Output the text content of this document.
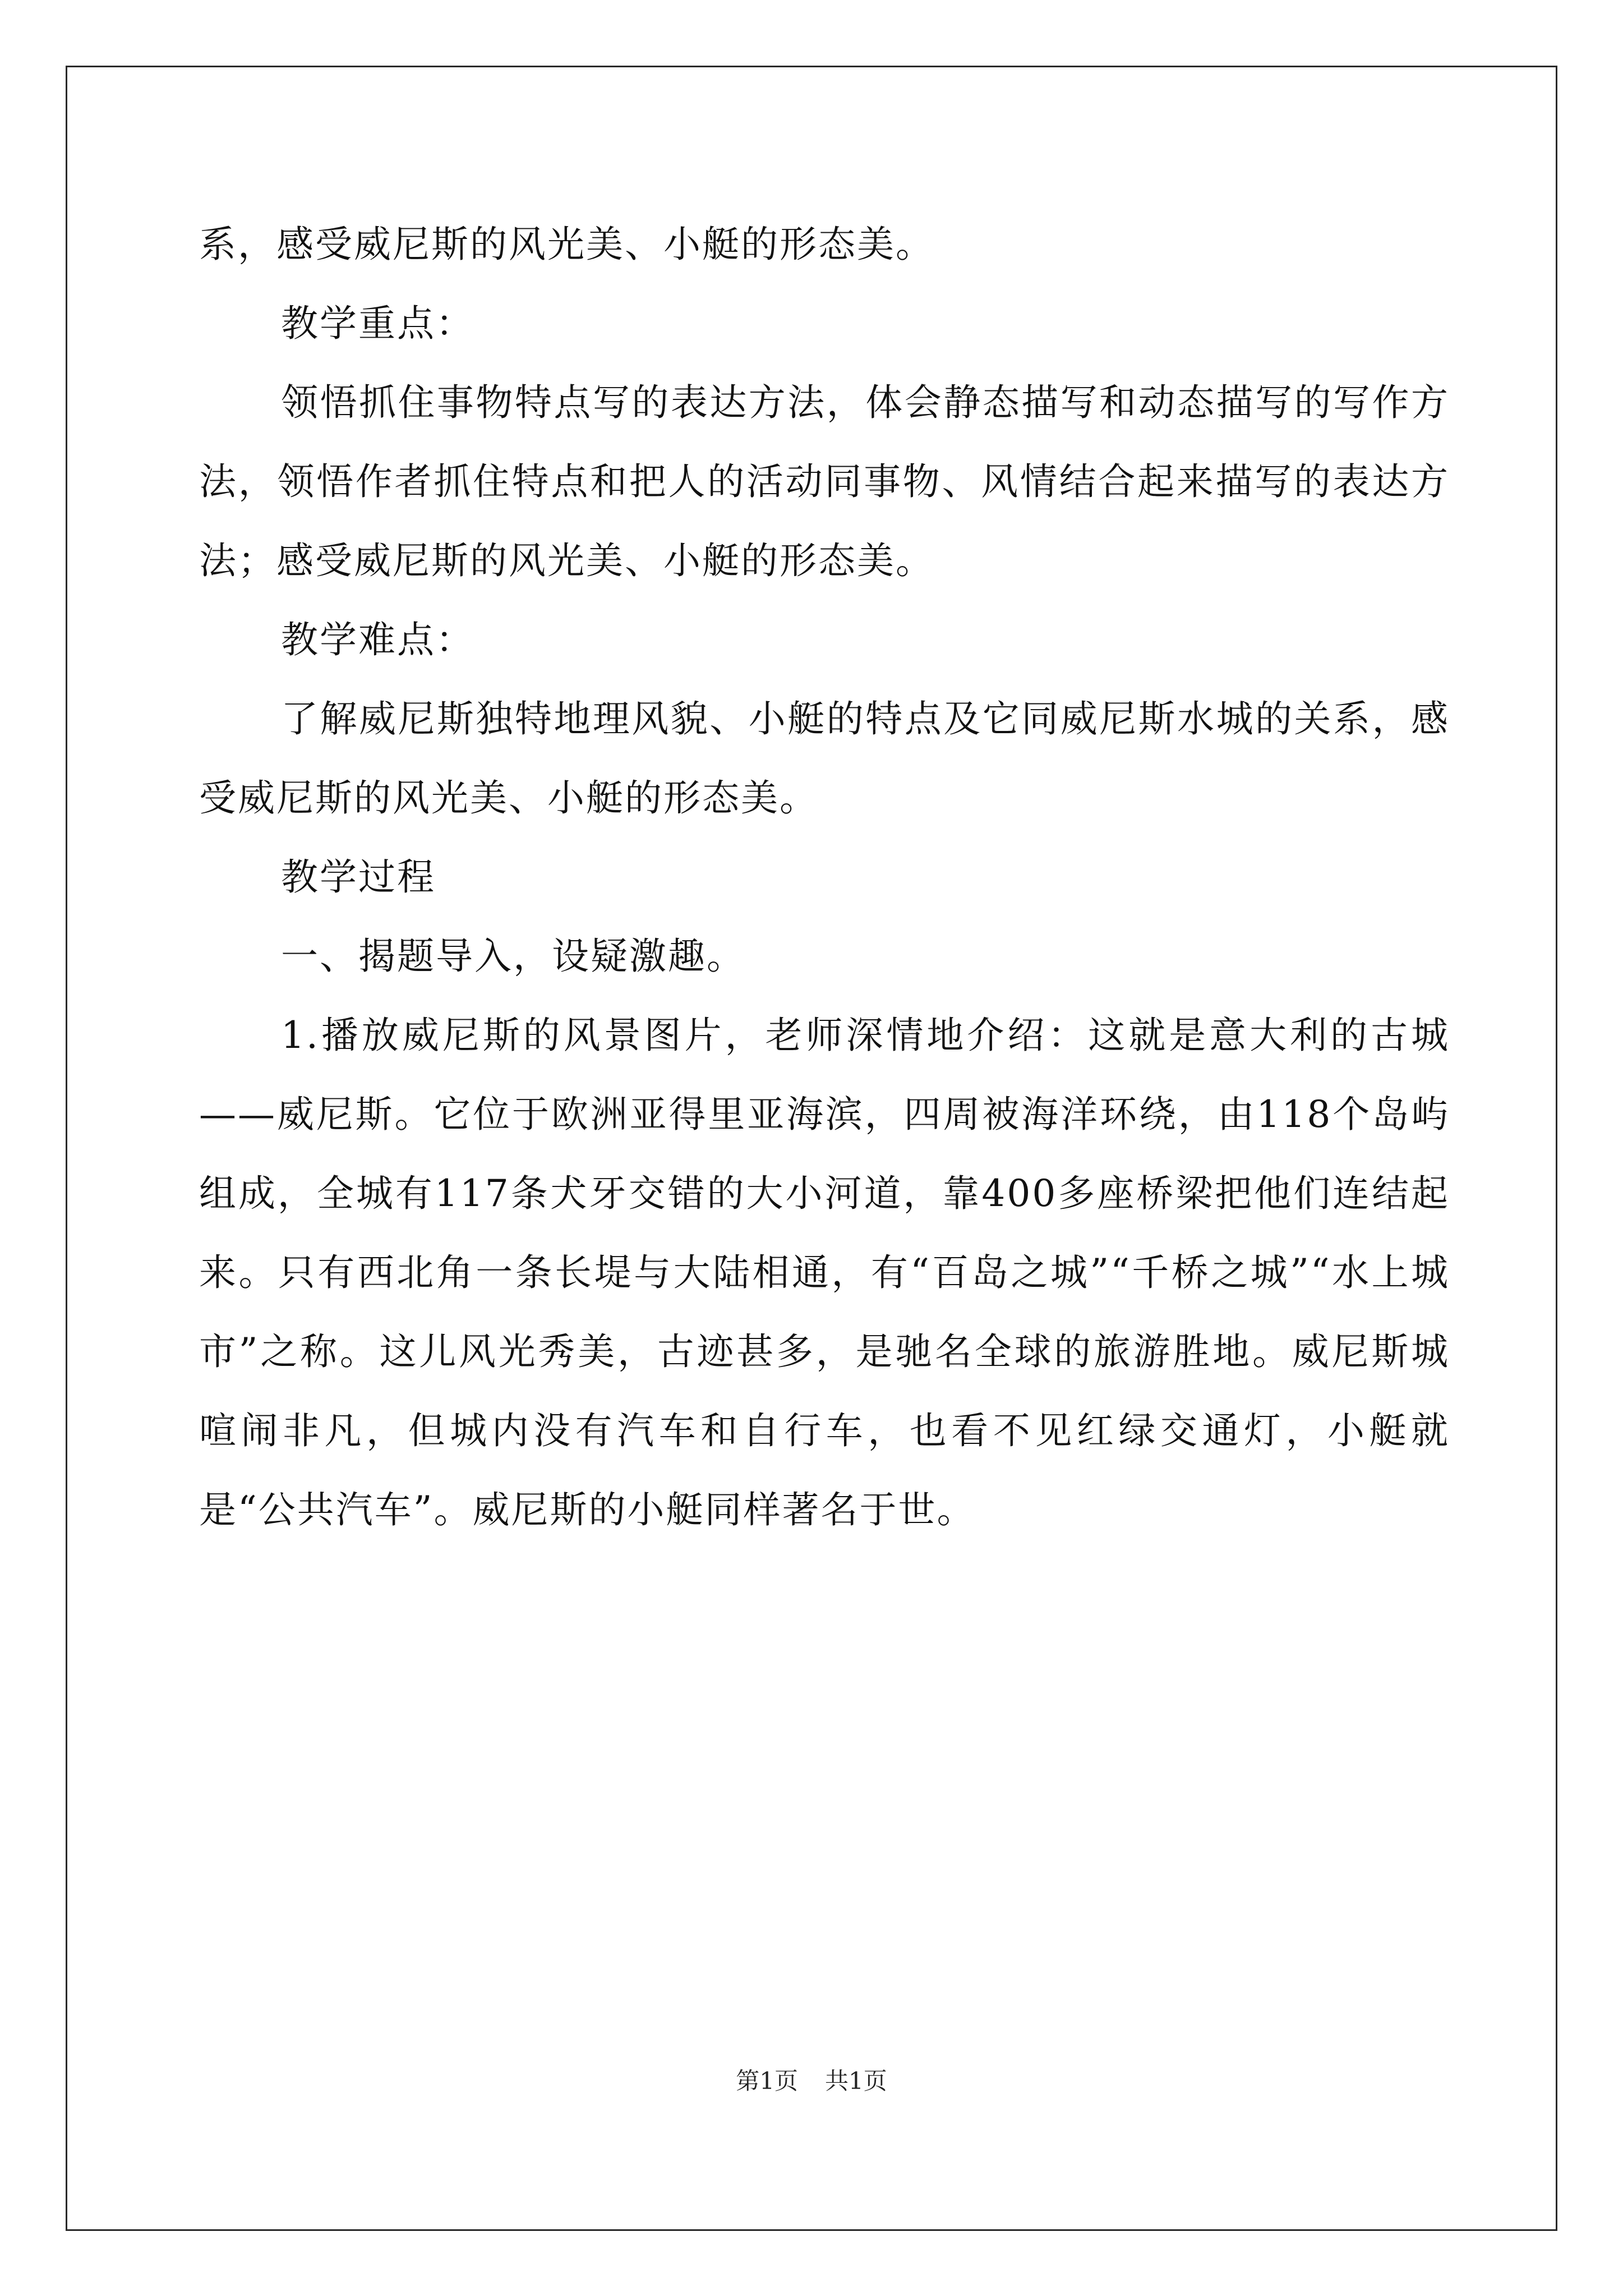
系，感受威尼斯的风光美、小艇的形态美。

教学重点：

领悟抓住事物特点写的表达方法，体会静态描写和动态描写的写作方法，领悟作者抓住特点和把人的活动同事物、风情结合起来描写的表达方法；感受威尼斯的风光美、小艇的形态美。

教学难点：

了解威尼斯独特地理风貌、小艇的特点及它同威尼斯水城的关系，感受威尼斯的风光美、小艇的形态美。

教学过程

一、揭题导入，设疑激趣。

1.播放威尼斯的风景图片，老师深情地介绍：这就是意大利的古城——威尼斯。它位于欧洲亚得里亚海滨，四周被海洋环绕，由118个岛屿组成，全城有117条犬牙交错的大小河道，靠400多座桥梁把他们连结起来。只有西北角一条长堤与大陆相通，有“百岛之城”“千桥之城”“水上城市”之称。这儿风光秀美，古迹甚多，是驰名全球的旅游胜地。威尼斯城喧闹非凡，但城内没有汽车和自行车，也看不见红绿交通灯，小艇就是“公共汽车”。威尼斯的小艇同样著名于世。

第1页 共1页
